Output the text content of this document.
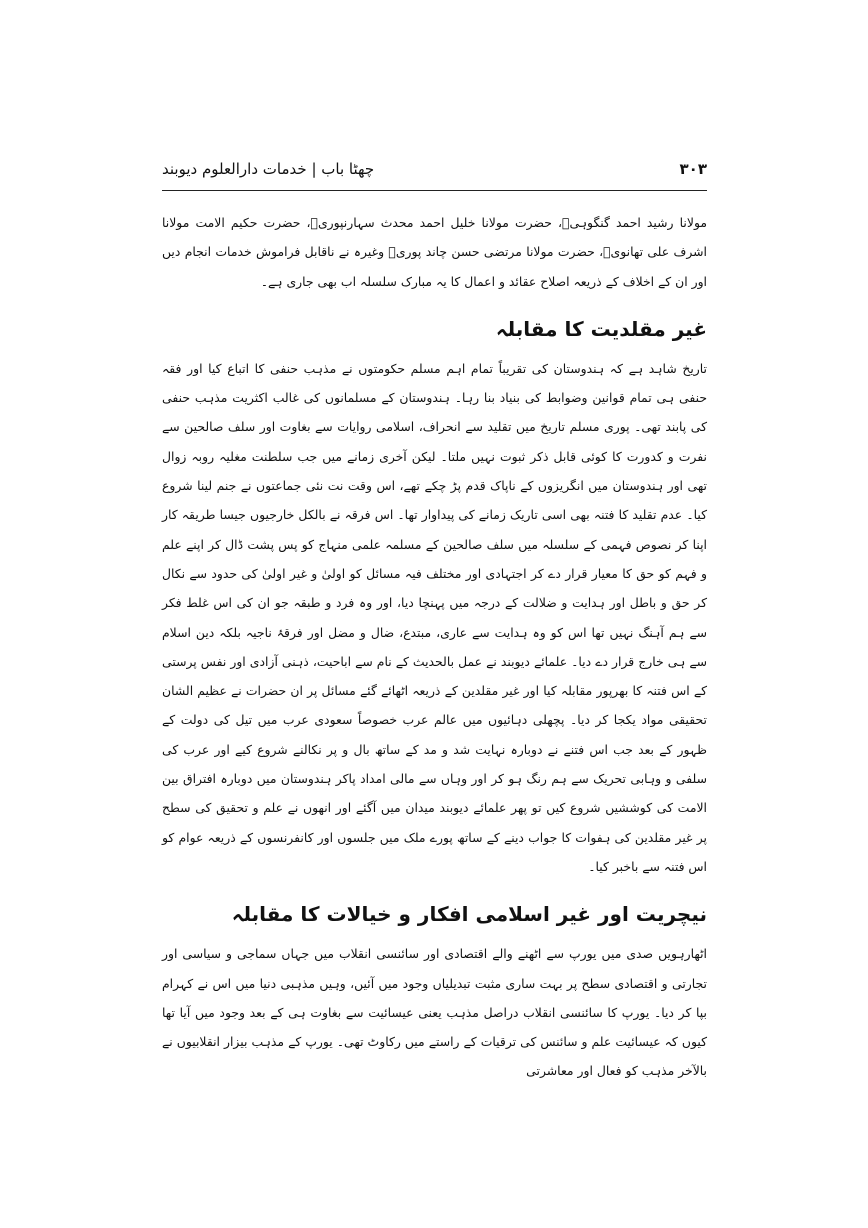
۳۰۳
چھٹا باب | خدمات دارالعلوم دیوبند

مولانا رشید احمد گنگوہیؒ، حضرت مولانا خلیل احمد محدث سہارنپوریؒ، حضرت حکیم الامت مولانا اشرف علی تھانویؒ، حضرت مولانا مرتضی حسن چاند پوریؒ وغیرہ نے ناقابل فراموش خدمات انجام دیں اور ان کے اخلاف کے ذریعہ اصلاح عقائد و اعمال کا یہ مبارک سلسلہ اب بھی جاری ہے۔

غیر مقلدیت کا مقابلہ

تاریخ شاہد ہے کہ ہندوستان کی تقریباً تمام اہم مسلم حکومتوں نے مذہب حنفی کا اتباع کیا اور فقہ حنفی ہی تمام قوانین وضوابط کی بنیاد بنا رہا۔ ہندوستان کے مسلمانوں کی غالب اکثریت مذہب حنفی کی پابند تھی۔ پوری مسلم تاریخ میں تقلید سے انحراف، اسلامی روایات سے بغاوت اور سلف صالحین سے نفرت و کدورت کا کوئی قابل ذکر ثبوت نہیں ملتا۔ لیکن آخری زمانے میں جب سلطنت مغلیہ روبہ زوال تھی اور ہندوستان میں انگریزوں کے ناپاک قدم پڑ چکے تھے، اس وقت نت نئی جماعتوں نے جنم لینا شروع کیا۔ عدم تقلید کا فتنہ بھی اسی تاریک زمانے کی پیداوار تھا۔ اس فرقہ نے بالکل خارجیوں جیسا طریقہ کار اپنا کر نصوص فہمی کے سلسلہ میں سلف صالحین کے مسلمہ علمی منہاج کو پس پشت ڈال کر اپنے علم و فہم کو حق کا معیار قرار دے کر اجتہادی اور مختلف فیہ مسائل کو اولیٰ و غیر اولیٰ کی حدود سے نکال کر حق و باطل اور ہدایت و ضلالت کے درجہ میں پہنچا دیا، اور وہ فرد و طبقہ جو ان کی اس غلط فکر سے ہم آہنگ نہیں تھا اس کو وہ ہدایت سے عاری، مبتدع، ضال و مضل اور فرقۂ ناجیہ بلکہ دین اسلام سے ہی خارج قرار دے دیا۔ علمائے دیوبند نے عمل بالحدیث کے نام سے اباحیت، ذہنی آزادی اور نفس پرستی کے اس فتنہ کا بھرپور مقابلہ کیا اور غیر مقلدین کے ذریعہ اٹھائے گئے مسائل پر ان حضرات نے عظیم الشان تحقیقی مواد یکجا کر دیا۔ پچھلی دہائیوں میں عالم عرب خصوصاً سعودی عرب میں تیل کی دولت کے ظہور کے بعد جب اس فتنے نے دوبارہ نہایت شد و مد کے ساتھ بال و پر نکالنے شروع کیے اور عرب کی سلفی و وہابی تحریک سے ہم رنگ ہو کر اور وہاں سے مالی امداد پاکر ہندوستان میں دوبارہ افتراق بین الامت کی کوششیں شروع کیں تو پھر علمائے دیوبند میدان میں آگئے اور انھوں نے علم و تحقیق کی سطح پر غیر مقلدین کی ہفوات کا جواب دینے کے ساتھ پورے ملک میں جلسوں اور کانفرنسوں کے ذریعہ عوام کو اس فتنہ سے باخبر کیا۔

نیچریت اور غیر اسلامی افکار و خیالات کا مقابلہ

اٹھارہویں صدی میں یورپ سے اٹھنے والے اقتصادی اور سائنسی انقلاب میں جہاں سماجی و سیاسی اور تجارتی و اقتصادی سطح پر بہت ساری مثبت تبدیلیاں وجود میں آئیں، وہیں مذہبی دنیا میں اس نے کہرام بپا کر دیا۔ یورپ کا سائنسی انقلاب دراصل مذہب یعنی عیسائیت سے بغاوت ہی کے بعد وجود میں آیا تھا کیوں کہ عیسائیت علم و سائنس کی ترقیات کے راستے میں رکاوٹ تھی۔ یورپ کے مذہب بیزار انقلابیوں نے بالآخر مذہب کو فعال اور معاشرتی
